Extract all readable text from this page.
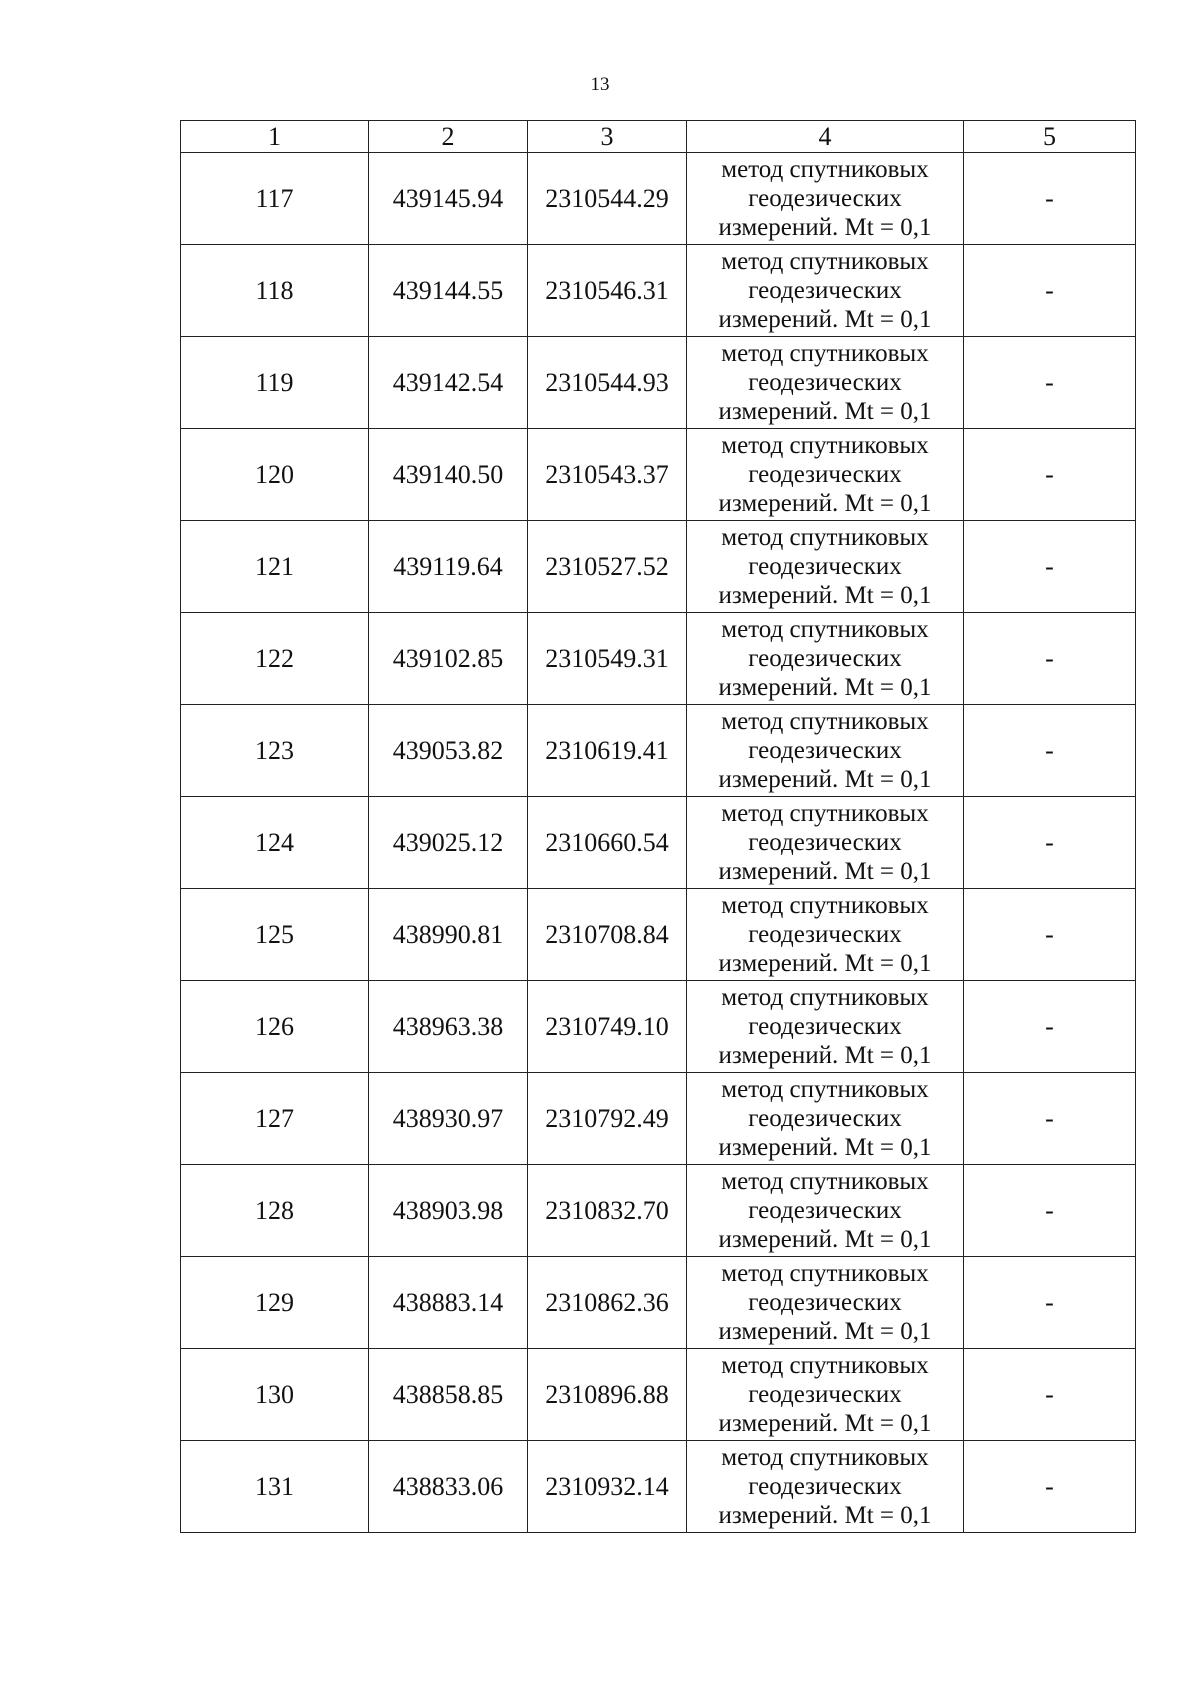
13
1	2	3	4	5
117	439145.94	2310544.29	метод спутниковых
геодезических
измерений. Mt = 0,1	-
118	439144.55	2310546.31	метод спутниковых
геодезических
измерений. Mt = 0,1	-
119	439142.54	2310544.93	метод спутниковых
геодезических
измерений. Mt = 0,1	-
120	439140.50	2310543.37	метод спутниковых
геодезических
измерений. Mt = 0,1	-
121	439119.64	2310527.52	метод спутниковых
геодезических
измерений. Mt = 0,1	-
122	439102.85	2310549.31	метод спутниковых
геодезических
измерений. Mt = 0,1	-
123	439053.82	2310619.41	метод спутниковых
геодезических
измерений. Mt = 0,1	-
124	439025.12	2310660.54	метод спутниковых
геодезических
измерений. Mt = 0,1	-
125	438990.81	2310708.84	метод спутниковых
геодезических
измерений. Mt = 0,1	-
126	438963.38	2310749.10	метод спутниковых
геодезических
измерений. Mt = 0,1	-
127	438930.97	2310792.49	метод спутниковых
геодезических
измерений. Mt = 0,1	-
128	438903.98	2310832.70	метод спутниковых
геодезических
измерений. Mt = 0,1	-
129	438883.14	2310862.36	метод спутниковых
геодезических
измерений. Mt = 0,1	-
130	438858.85	2310896.88	метод спутниковых
геодезических
измерений. Mt = 0,1	-
131	438833.06	2310932.14	метод спутниковых
геодезических
измерений. Mt = 0,1	-
